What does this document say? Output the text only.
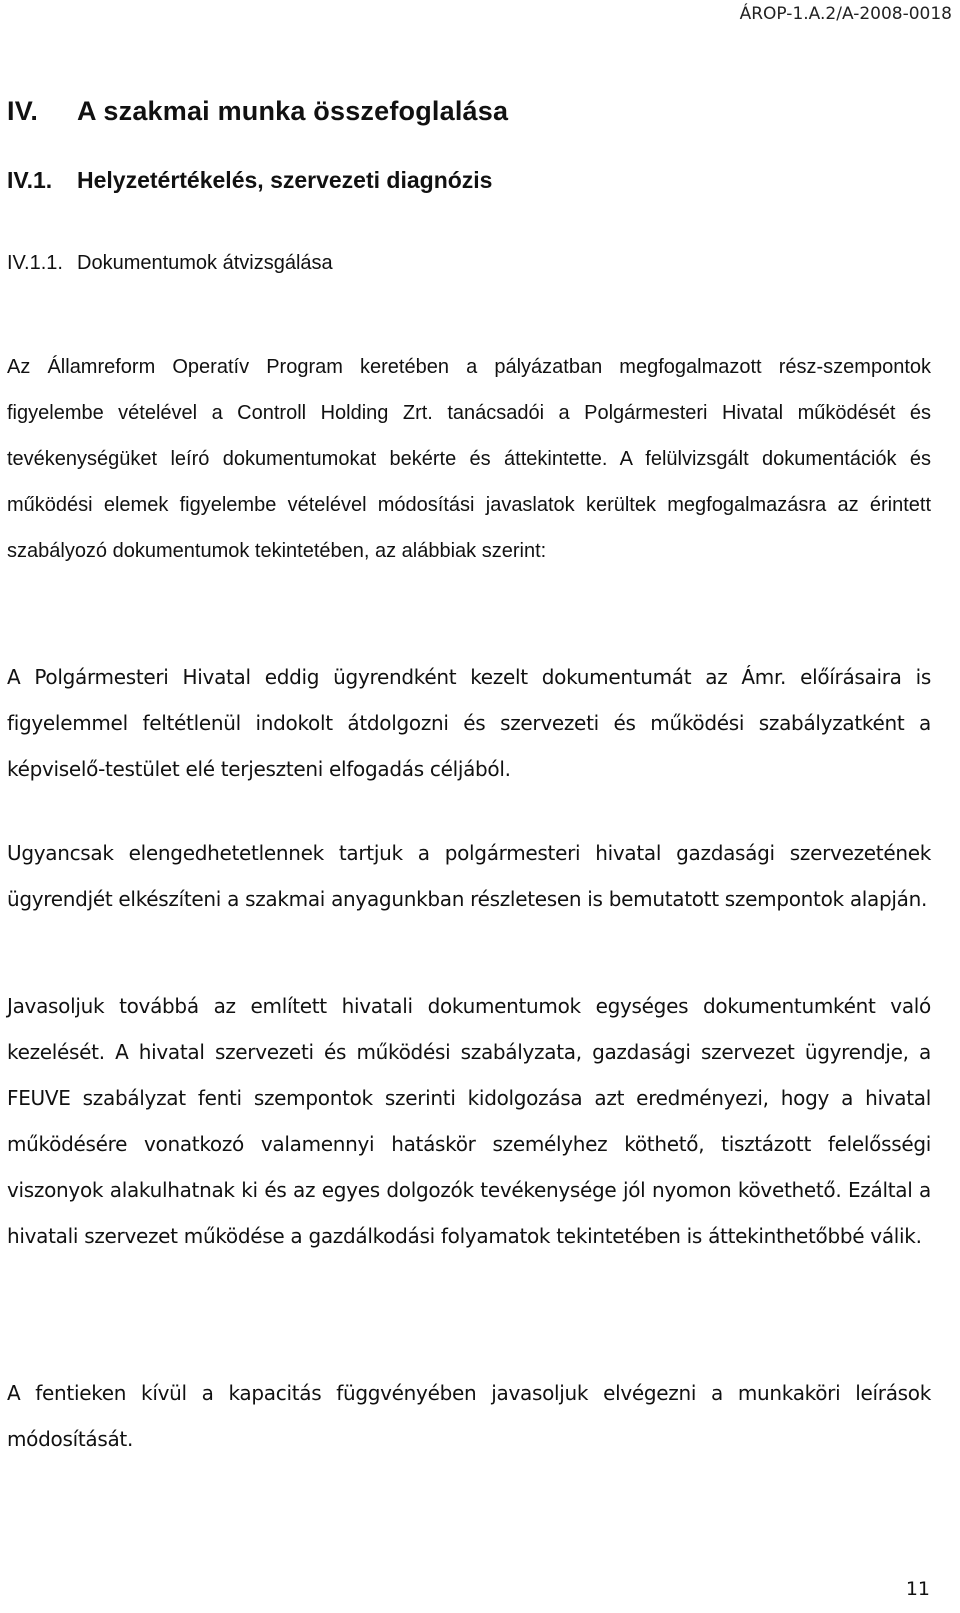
ÁROP-1.A.2/A-2008-0018
IV. A szakmai munka összefoglalása
IV.1. Helyzetértékelés, szervezeti diagnózis
IV.1.1. Dokumentumok átvizsgálása

Az Államreform Operatív Program keretében a pályázatban megfogalmazott rész-szempontok figyelembe vételével a Controll Holding Zrt. tanácsadói a Polgármesteri Hivatal működését és tevékenységüket leíró dokumentumokat bekérte és áttekintette. A felülvizsgált dokumentációk és működési elemek figyelembe vételével módosítási javaslatok kerültek megfogalmazásra az érintett szabályozó dokumentumok tekintetében, az alábbiak szerint:

A Polgármesteri Hivatal eddig ügyrendként kezelt dokumentumát az Ámr. előírásaira is figyelemmel feltétlenül indokolt átdolgozni és szervezeti és működési szabályzatként a képviselő-testület elé terjeszteni elfogadás céljából.

Ugyancsak elengedhetetlennek tartjuk a polgármesteri hivatal gazdasági szervezetének ügyrendjét elkészíteni a szakmai anyagunkban részletesen is bemutatott szempontok alapján.

Javasoljuk továbbá az említett hivatali dokumentumok egységes dokumentumként való kezelését. A hivatal szervezeti és működési szabályzata, gazdasági szervezet ügyrendje, a FEUVE szabályzat fenti szempontok szerinti kidolgozása azt eredményezi, hogy a hivatal működésére vonatkozó valamennyi hatáskör személyhez köthető, tisztázott felelősségi viszonyok alakulhatnak ki és az egyes dolgozók tevékenysége jól nyomon követhető. Ezáltal a hivatali szervezet működése a gazdálkodási folyamatok tekintetében is áttekinthetőbbé válik.

A fentieken kívül a kapacitás függvényében javasoljuk elvégezni a munkaköri leírások módosítását.

11
